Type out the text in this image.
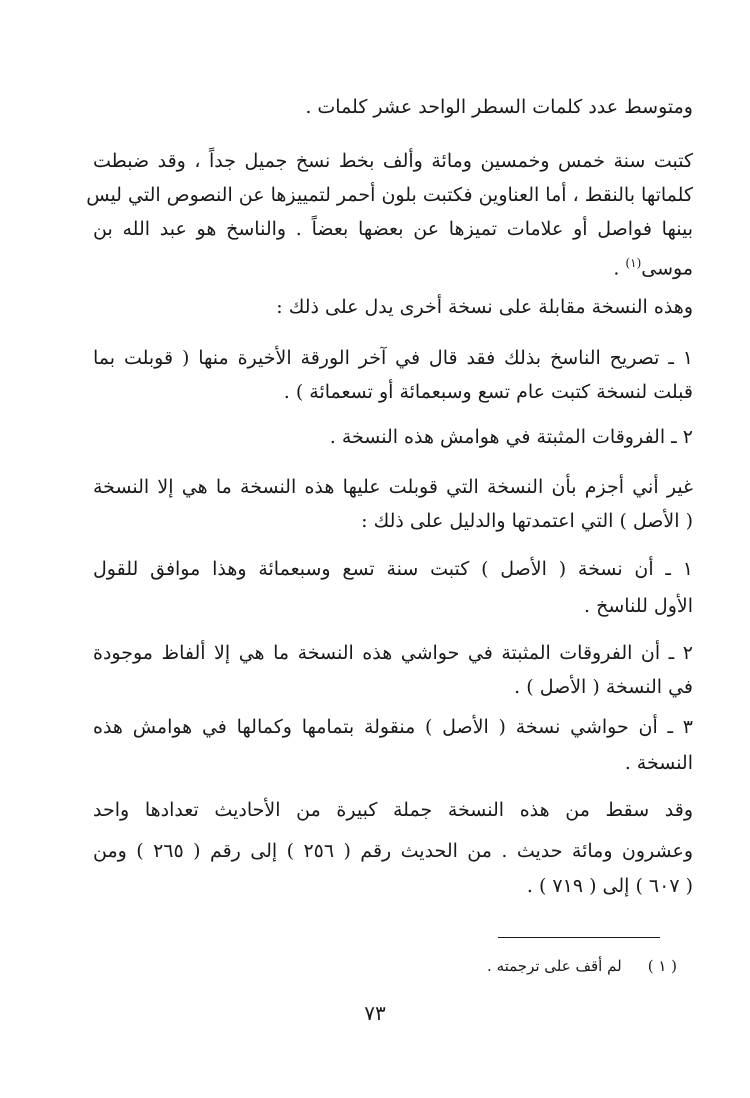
ومتوسط عدد كلمات السطر الواحد عشر كلمات .
كتبت سنة خمس وخمسين ومائة وألف بخط نسخ جميل جداً ، وقد ضبطت
كلماتها بالنقط ، أما العناوين فكتبت بلون أحمر لتمييزها عن النصوص التي ليس
بينها فواصل أو علامات تميزها عن بعضها بعضاً . والناسخ هو عبد الله بن
موسى$^{(١)}$ .
وهذه النسخة مقابلة على نسخة أخرى يدل على ذلك :
١ ـ تصريح الناسخ بذلك فقد قال في آخر الورقة الأخيرة منها ( قوبلت بما
قبلت لنسخة كتبت عام تسع وسبعمائة أو تسعمائة ) .
٢ ـ الفروقات المثبتة في هوامش هذه النسخة .
غير أني أجزم بأن النسخة التي قوبلت عليها هذه النسخة ما هي إلا النسخة
( الأصل ) التي اعتمدتها والدليل على ذلك :
١ ـ أن نسخة ( الأصل ) كتبت سنة تسع وسبعمائة وهذا موافق للقول
الأول للناسخ .
٢ ـ أن الفروقات المثبتة في حواشي هذه النسخة ما هي إلا ألفاظ موجودة
في النسخة ( الأصل ) .
٣ ـ أن حواشي نسخة ( الأصل ) منقولة بتمامها وكمالها في هوامش هذه
النسخة .
وقد سقط من هذه النسخة جملة كبيرة من الأحاديث تعدادها واحد
وعشرون ومائة حديث . من الحديث رقم ( ٢٥٦ ) إلى رقم ( ٢٦٥ ) ومن
( ٦٠٧ ) إلى ( ٧١٩ ) .
( ١ )لم أقف على ترجمته .
٧٣
